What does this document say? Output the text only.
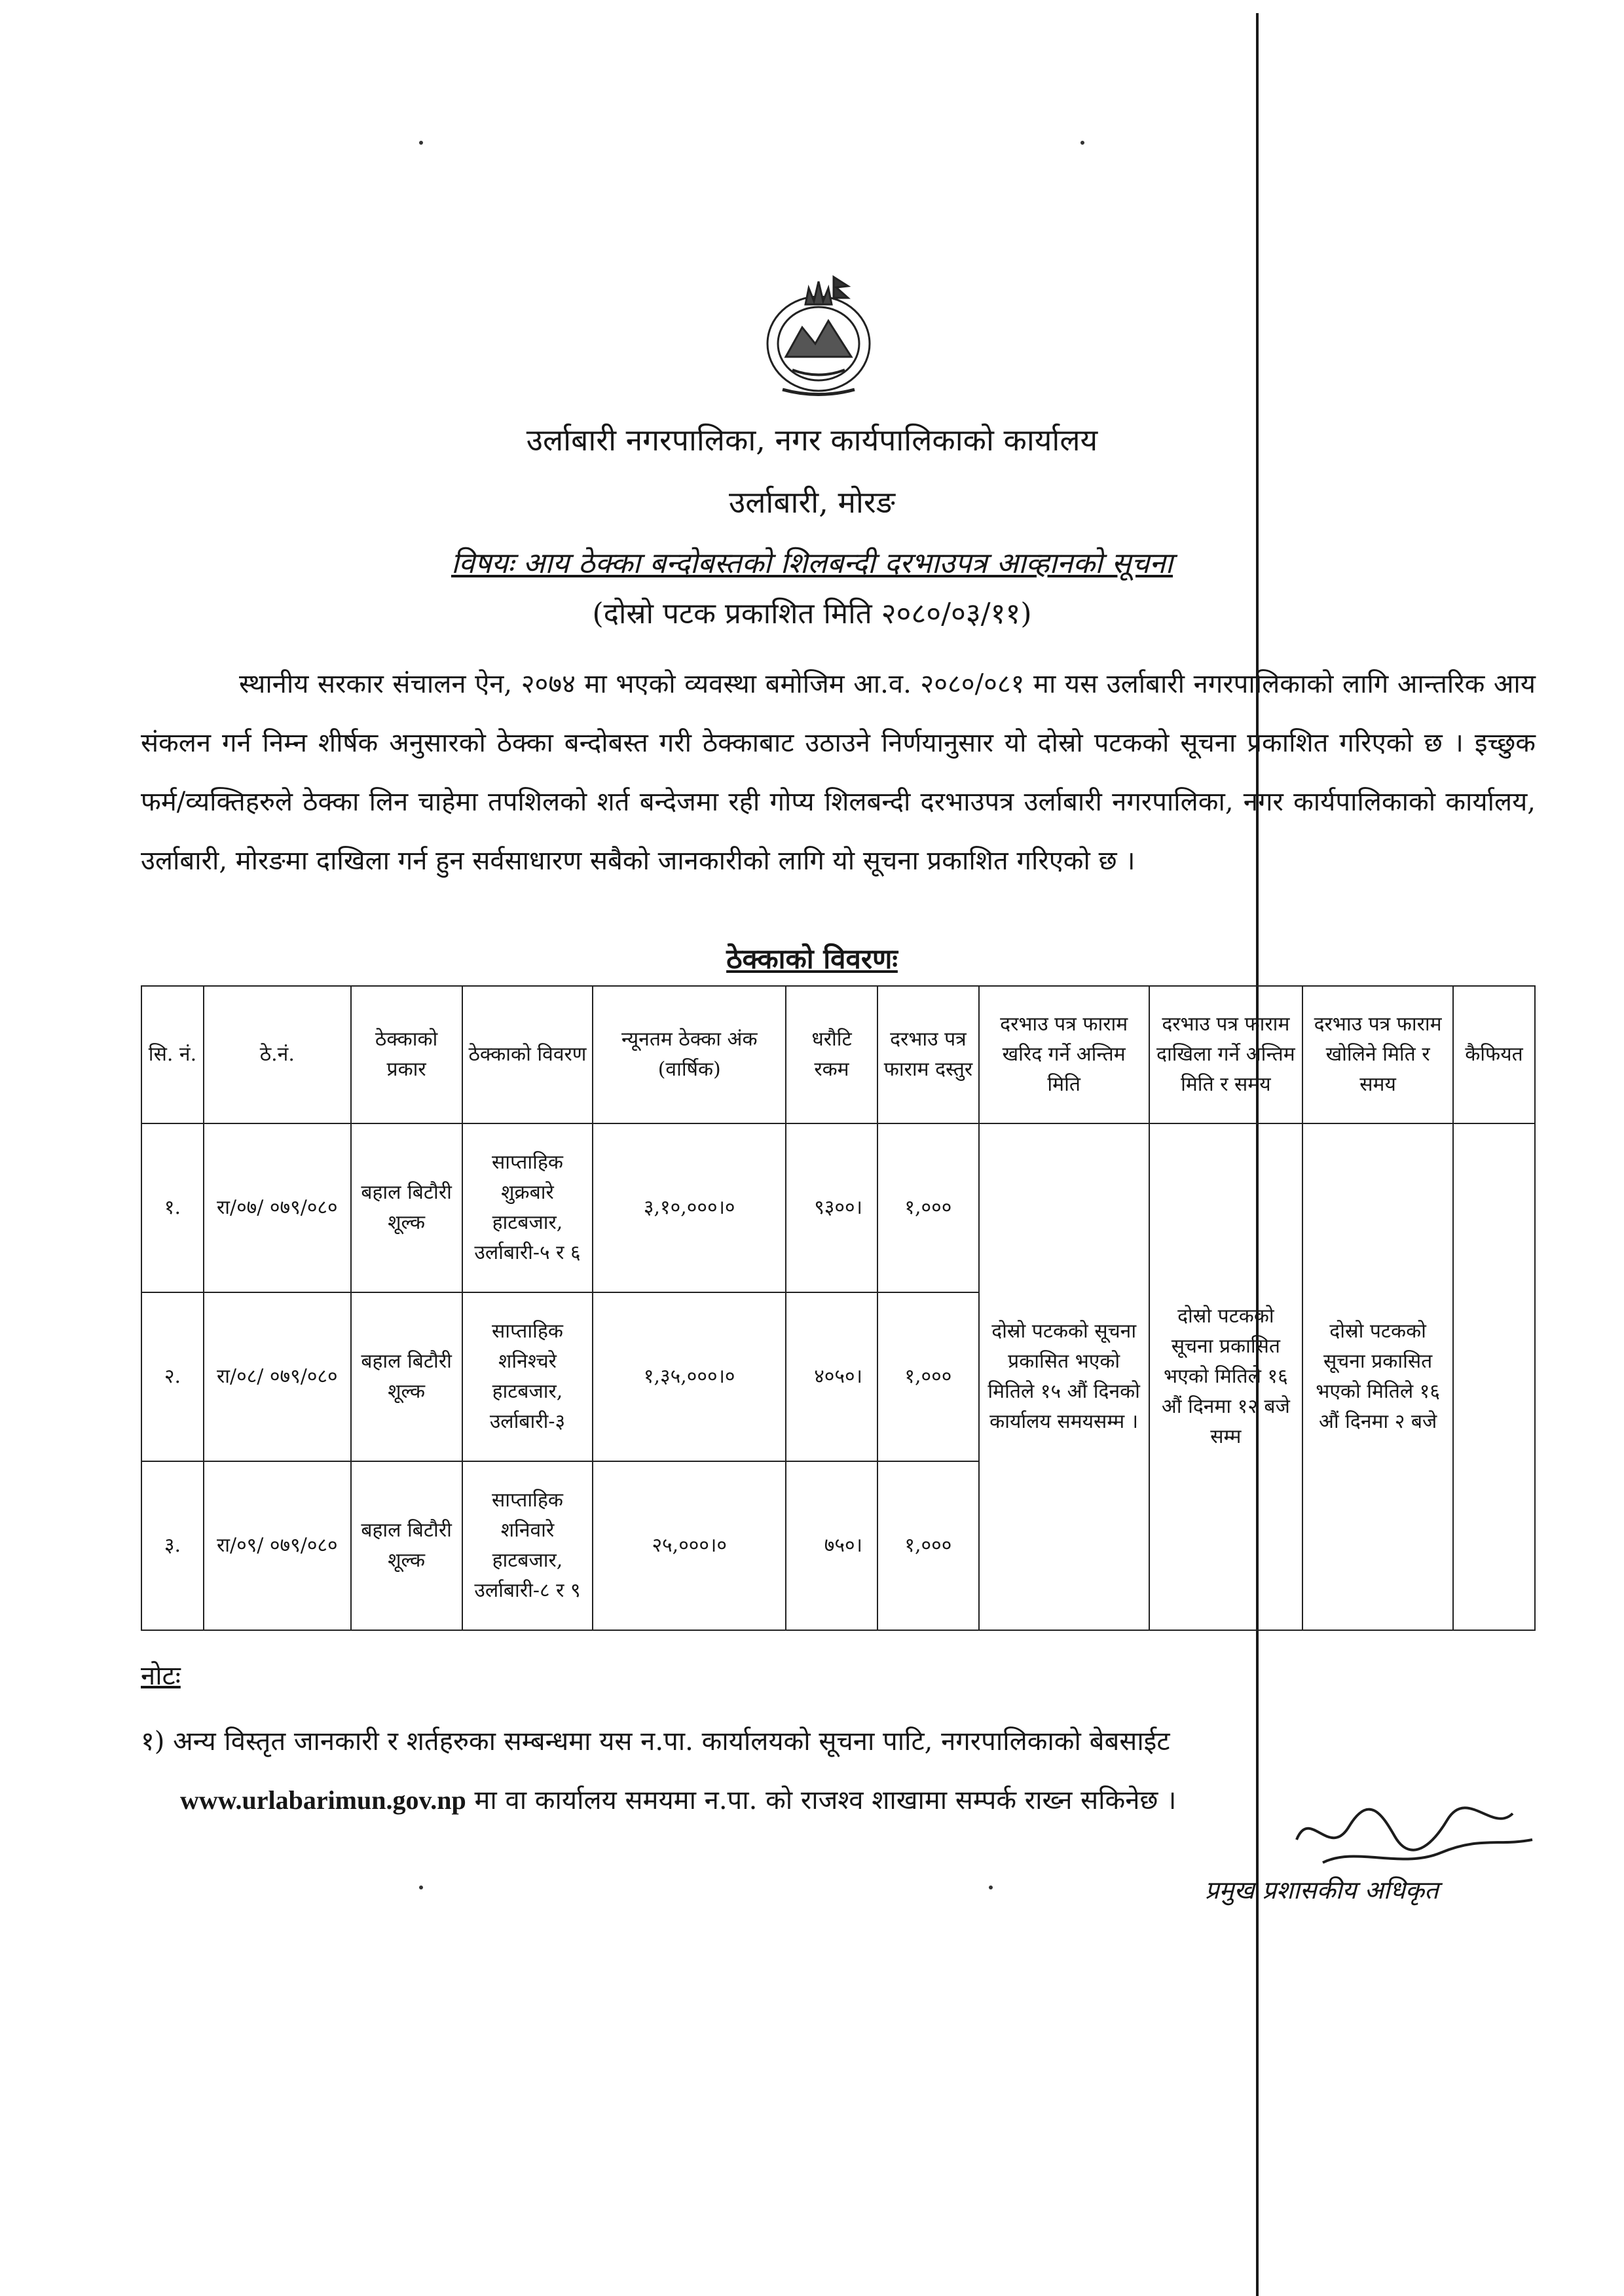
उर्लाबारी नगरपालिका, नगर कार्यपालिकाको कार्यालय
उर्लाबारी, मोरङ
विषयः आय ठेक्का बन्दोबस्तको शिलबन्दी दरभाउपत्र आव्हानको सूचना
(दोस्रो पटक प्रकाशित मिति २०८०/०३/११)
स्थानीय सरकार संचालन ऐन, २०७४ मा भएको व्यवस्था बमोजिम आ.व. २०८०/०८१ मा यस उर्लाबारी नगरपालिकाको लागि आन्तरिक आय संकलन गर्न निम्न शीर्षक अनुसारको ठेक्का बन्दोबस्त गरी ठेक्काबाट उठाउने निर्णयानुसार यो दोस्रो पटकको सूचना प्रकाशित गरिएको छ । इच्छुक फर्म/व्यक्तिहरुले ठेक्का लिन चाहेमा तपशिलको शर्त बन्देजमा रही गोप्य शिलबन्दी दरभाउपत्र उर्लाबारी नगरपालिका, नगर कार्यपालिकाको कार्यालय, उर्लाबारी, मोरङमा दाखिला गर्न हुन सर्वसाधारण सबैको जानकारीको लागि यो सूचना प्रकाशित गरिएको छ ।
ठेक्काको विवरणः
सि. नं.	ठे.नं.	ठेक्काको प्रकार	ठेक्काको विवरण	न्यूनतम ठेक्का अंक (वार्षिक)	धरौटि रकम	दरभाउ पत्र फाराम दस्तुर	दरभाउ पत्र फाराम खरिद गर्ने अन्तिम मिति	दरभाउ पत्र फाराम दाखिला गर्ने अन्तिम मिति र समय	दरभाउ पत्र फाराम खोलिने मिति र समय	कैफियत
१.	रा/०७/ ०७९/०८०	बहाल बिटौरी शूल्क	साप्ताहिक शुक्रबारे हाटबजार, उर्लाबारी-५ र ६	३,१०,०००।०	९३००।	१,०००	दोस्रो पटकको सूचना प्रकासित भएको मितिले १५ औं दिनको कार्यालय समयसम्म ।	दोस्रो पटकको सूचना प्रकासित भएको मितिले १६ औं दिनमा १२ बजे सम्म	दोस्रो पटकको सूचना प्रकासित भएको मितिले १६ औं दिनमा २ बजे	
२.	रा/०८/ ०७९/०८०	बहाल बिटौरी शूल्क	साप्ताहिक शनिश्चरे हाटबजार, उर्लाबारी-३	१,३५,०००।०	४०५०।	१,०००				
३.	रा/०९/ ०७९/०८०	बहाल बिटौरी शूल्क	साप्ताहिक शनिवारे हाटबजार, उर्लाबारी-८ र ९	२५,०००।०	७५०।	१,०००				
नोटः
१) अन्य विस्तृत जानकारी र शर्तहरुका सम्बन्धमा यस न.पा. कार्यालयको सूचना पाटि, नगरपालिकाको बेबसाईट
www.urlabarimun.gov.np मा वा कार्यालय समयमा न.पा. को राजश्व शाखामा सम्पर्क राख्न सकिनेछ ।
प्रमुख प्रशासकीय अधिकृत
